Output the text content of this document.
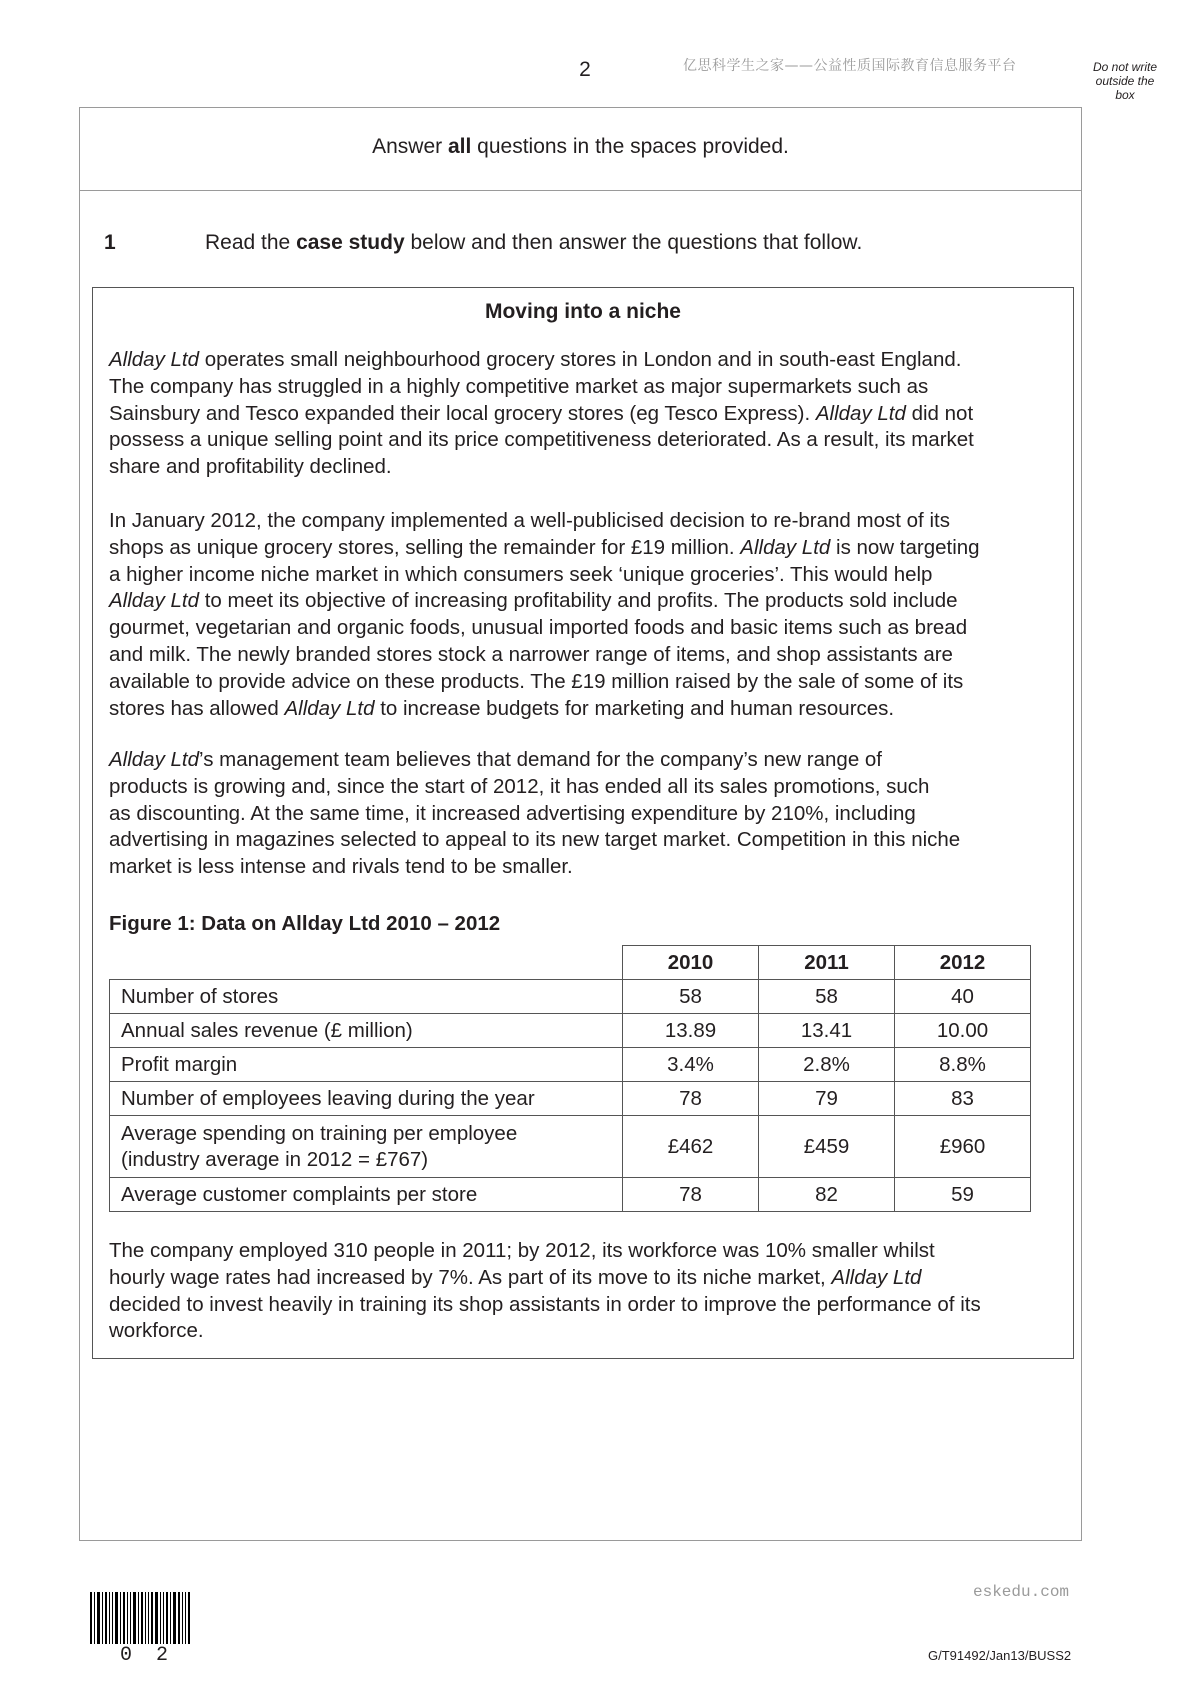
2	亿思科学生之家——公益性质国际教育信息服务平台	Do not write
outside the
box
Answer all questions in the spaces provided.
1	Read the case study below and then answer the questions that follow.
Moving into a niche
Allday Ltd operates small neighbourhood grocery stores in London and in south-east England.
The company has struggled in a highly competitive market as major supermarkets such as
Sainsbury and Tesco expanded their local grocery stores (eg Tesco Express). Allday Ltd did not
possess a unique selling point and its price competitiveness deteriorated. As a result, its market
share and profitability declined.
In January 2012, the company implemented a well-publicised decision to re-brand most of its
shops as unique grocery stores, selling the remainder for £19 million. Allday Ltd is now targeting
a higher income niche market in which consumers seek ‘unique groceries’. This would help
Allday Ltd to meet its objective of increasing profitability and profits. The products sold include
gourmet, vegetarian and organic foods, unusual imported foods and basic items such as bread
and milk. The newly branded stores stock a narrower range of items, and shop assistants are
available to provide advice on these products. The £19 million raised by the sale of some of its
stores has allowed Allday Ltd to increase budgets for marketing and human resources.
Allday Ltd’s management team believes that demand for the company’s new range of
products is growing and, since the start of 2012, it has ended all its sales promotions, such
as discounting. At the same time, it increased advertising expenditure by 210%, including
advertising in magazines selected to appeal to its new target market. Competition in this niche
market is less intense and rivals tend to be smaller.
Figure 1: Data on Allday Ltd 2010 – 2012
	2010	2011	2012
Number of stores	58	58	40
Annual sales revenue (£ million)	13.89	13.41	10.00
Profit margin	3.4%	2.8%	8.8%
Number of employees leaving during the year	78	79	83

Average spending on training per employee
(industry average in 2012 = £767)	£462	£459	£960
Average customer complaints per store	78	82	59
The company employed 310 people in 2011; by 2012, its workforce was 10% smaller whilst
hourly wage rates had increased by 7%. As part of its move to its niche market, Allday Ltd
decided to invest heavily in training its shop assistants in order to improve the performance of its
workforce.
0 2
eskedu.com
G/T91492/Jan13/BUSS2
